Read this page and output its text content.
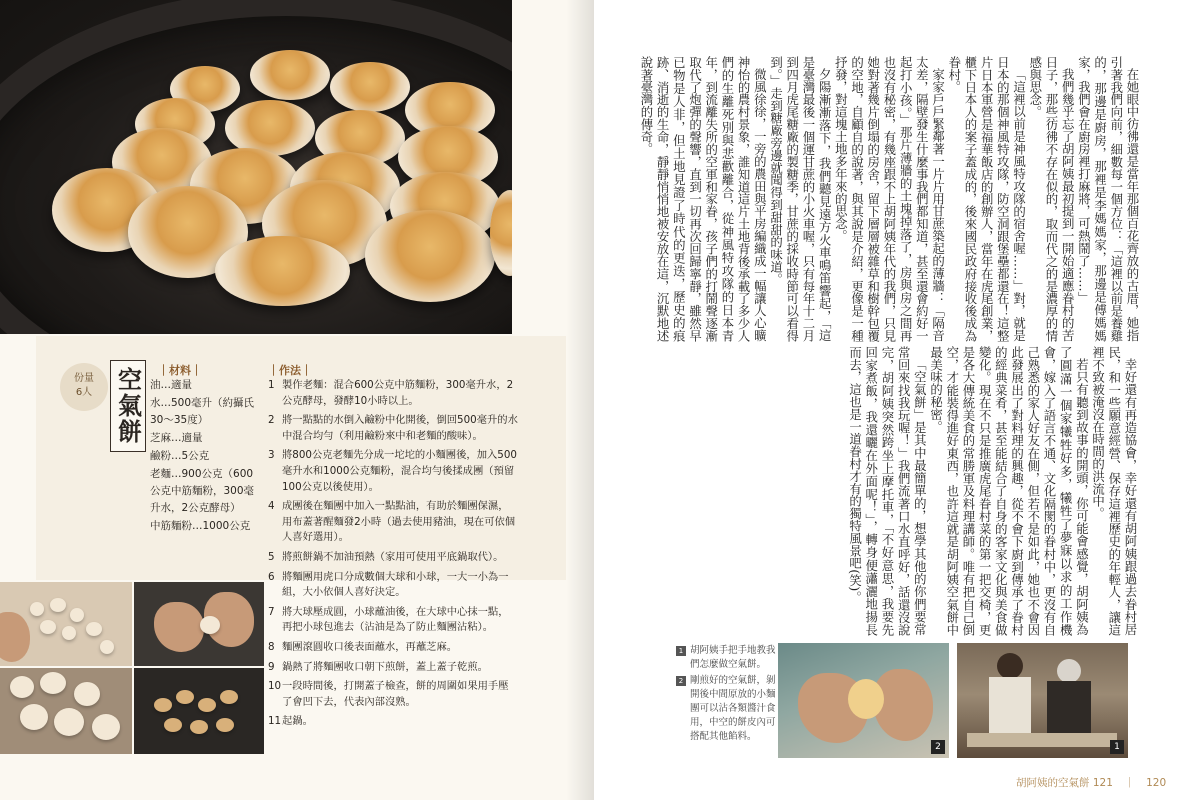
份量
6人 空氣餅	｜材料｜	｜作法｜
油…適量
水…500毫升（約攝氏30～35度）
芝麻…適量
鹼粉…5公克
老麵…900公克（600公克中筋麵粉，300毫升水，2公克酵母）
中筋麵粉…1000公克
1 製作老麵：混合600公克中筋麵粉，300毫升水，2公克酵母，發酵10小時以上。
2 將一點點的水倒入鹼粉中化開後，倒回500毫升的水中混合均勻（利用鹼粉來中和老麵的酸味）。
3 將800公克老麵先分成一坨坨的小麵團後，加入500毫升水和1000公克麵粉，混合均勻後揉成團（預留100公克以後使用）。
4 成團後在麵團中加入一點點油，有助於麵團保濕，用布蓋著醒麵發2小時（過去使用豬油，現在可依個人喜好選用）。
5 將煎餅鍋不加油預熱（家用可使用平底鍋取代）。
6 將麵團用虎口分成數個大球和小球，一大一小為一組，大小依個人喜好決定。
7 將大球壓成圓，小球蘸油後，在大球中心抹一點，再把小球包進去（沾油是為了防止麵團沾粘）。
8 麵團滾圓收口後表面蘸水，再蘸芝麻。
9 鍋熱了將麵團收口朝下煎餅，蓋上蓋子乾煎。
10 一段時間後，打開蓋子檢查，餅的周圍如果用手壓了會凹下去，代表內部沒熟。
11 起鍋。

在她眼中彷彿還是當年那個百花齊放的古厝，她指引著我們向前，細數每一個方位：「這裡以前是養雞的，那邊是廚房，那裡是李媽媽家，那邊是傅媽媽家，我們會在廚房裡打麻將，可熱鬧了……」

我們幾乎忘了胡阿姨最初提到一開始適應眷村的苦日子，那些彷彿不存在似的，取而代之的是濃厚的情感與思念。

「這裡以前是神風特攻隊的宿舍喔……」對，就是日本的那個神風特攻隊，防空洞跟堡壘都還在！這整片日本軍營是福華飯店的創辦人，當年在虎尾創業，櫃下日本人的案子蓋成的，後來國民政府接收後成為眷村。

家家戶戶緊鄰著一片片用甘蔗築起的薄牆：「隔音太差，隔壁發生什麼事我們都知道，甚至還會約好一起打小孩。」那片薄牆的土塊掉落了，房與房之間再也沒有秘密，有幾座跟不上胡阿姨年代的我們，只見她對著幾片倒塌的房舍，留下層層被雜草和樹幹包覆的空地，自顧自的說著，與其說是介紹，更像是一種抒發，對這塊土地多年來的思念。

夕陽漸漸落下，我們聽見遠方火車鳴笛響起，「這是臺灣最後一個運甘蔗的小火車喔，只有每年十二月到四月虎尾糖廠的製糖季，甘蔗的採收時節可以看得到。」走到糖廠旁邊就聞得到甜甜的味道。

微風徐徐，一旁的農田與平房編織成一幅讓人心曠神怡的農村景象，誰知道這片土地背後承載了多少人們的生離死別與悲歡離合，從神風特攻隊的日本青年，到流離失所的空軍和家眷，孩子們的打鬧聲逐漸取代了炮彈的聲響，直到一切再次回歸寧靜，雖然早已物是人非，但土地見證了時代的更迭，歷史的痕跡、消逝的生命，靜靜悄悄地被安放在這，沉默地述說著臺灣的傳奇。

幸好還有再造協會，幸好還有胡阿姨跟過去眷村居民，和一些願意經營、保存這裡歷史的年輕人，讓這裡不致被淹沒在時間的洪流中。

若只有聽到故事的開頭，你可能會感覺，胡阿姨為了圓滿一個家犧牲好多，犧牲了夢寐以求的工作機會，嫁入了語言不通、文化隔閡的眷村中，更沒有自己熟悉的家人好友在側，但若不是如此，她也不會因此發展出了對料理的興趣，從不會下廚到傳承了眷村的經典菜肴，甚至能結合了自身的客家文化與美食做變化。現在不只是推廣虎尾眷村菜的第一把交椅，更是各大傳統美食的常勝軍及料理講師。唯有把自己倒空，才能裝得進好東西，也許這就是胡阿姨空氣餅中最美味的秘密。

「空氣餅」是其中最簡單的，想學其他的你們要常常回來找我玩喔！」我們流著口水直呼好，話還沒說完，胡阿姨突然跨坐上摩托車，「不好意思，我要先回家煮飯，我還曬在外面呢！」，轉身便瀟灑地揚長而去，這也是一道眷村才有的獨特風景吧(笑)。

1 胡阿姨手把手地教我們怎麼做空氣餅。
2 剛煎好的空氣餅，剝開後中間原放的小麵團可以沾各類醬汁食用，中空的餅皮內可搭配其他餡料。
2	1
胡阿姨的空氣餅 121 ｜ 120
